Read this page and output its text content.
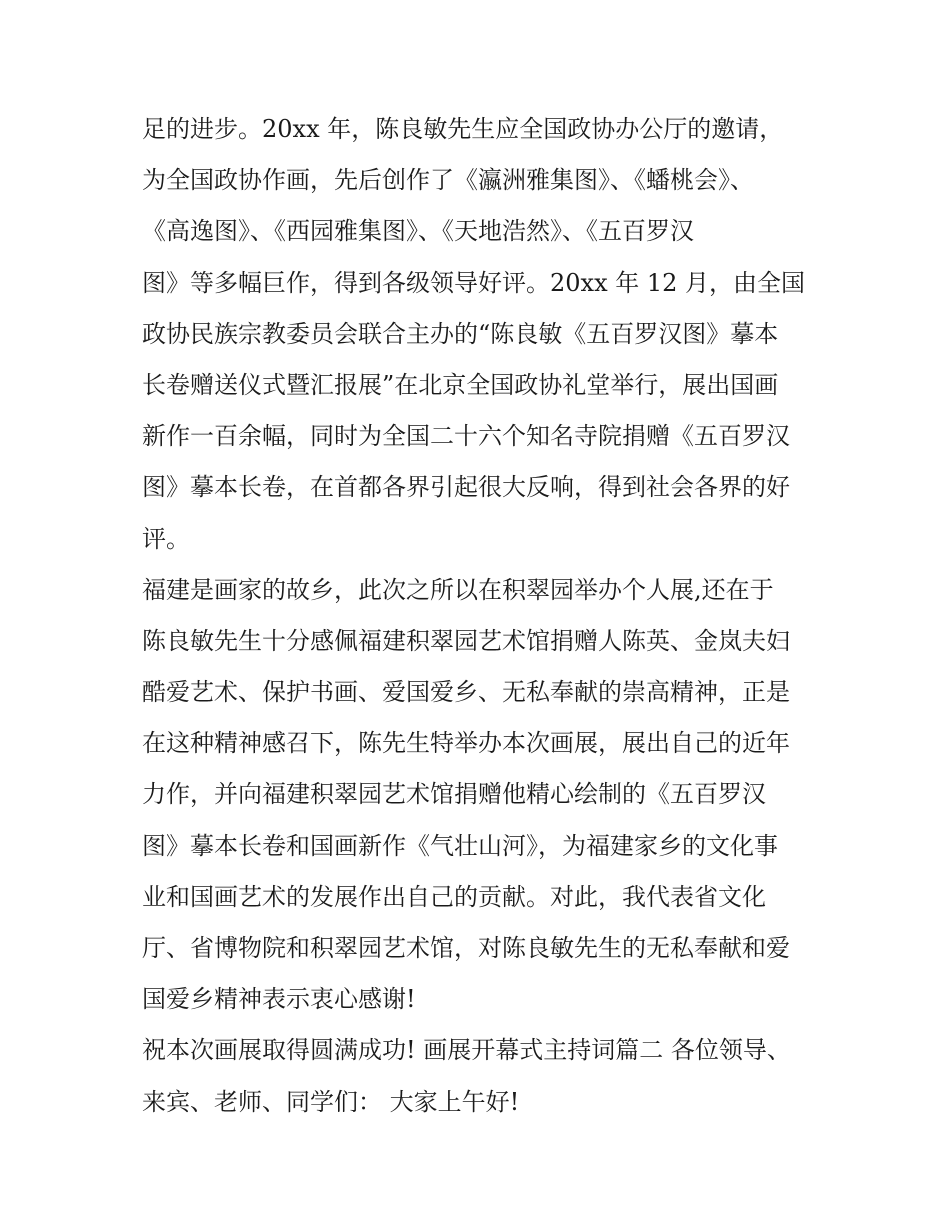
足的进步。20xx 年，陈良敏先生应全国政协办公厅的邀请，
为全国政协作画，先后创作了《瀛洲雅集图》、《蟠桃会》、
《高逸图》、《西园雅集图》、《天地浩然》、《五百罗汉
图》等多幅巨作，得到各级领导好评。20xx 年 12 月，由全国
政协民族宗教委员会联合主办的“陈良敏《五百罗汉图》摹本
长卷赠送仪式暨汇报展”在北京全国政协礼堂举行，展出国画
新作一百余幅，同时为全国二十六个知名寺院捐赠《五百罗汉
图》摹本长卷，在首都各界引起很大反响，得到社会各界的好
评。
福建是画家的故乡，此次之所以在积翠园举办个人展,还在于
陈良敏先生十分感佩福建积翠园艺术馆捐赠人陈英、金岚夫妇
酷爱艺术、保护书画、爱国爱乡、无私奉献的崇高精神，正是
在这种精神感召下，陈先生特举办本次画展，展出自己的近年
力作，并向福建积翠园艺术馆捐赠他精心绘制的《五百罗汉
图》摹本长卷和国画新作《气壮山河》，为福建家乡的文化事
业和国画艺术的发展作出自己的贡献。对此，我代表省文化
厅、省博物院和积翠园艺术馆，对陈良敏先生的无私奉献和爱
国爱乡精神表示衷心感谢!
祝本次画展取得圆满成功! 画展开幕式主持词篇二 各位领导、
来宾、老师、同学们： 大家上午好!
